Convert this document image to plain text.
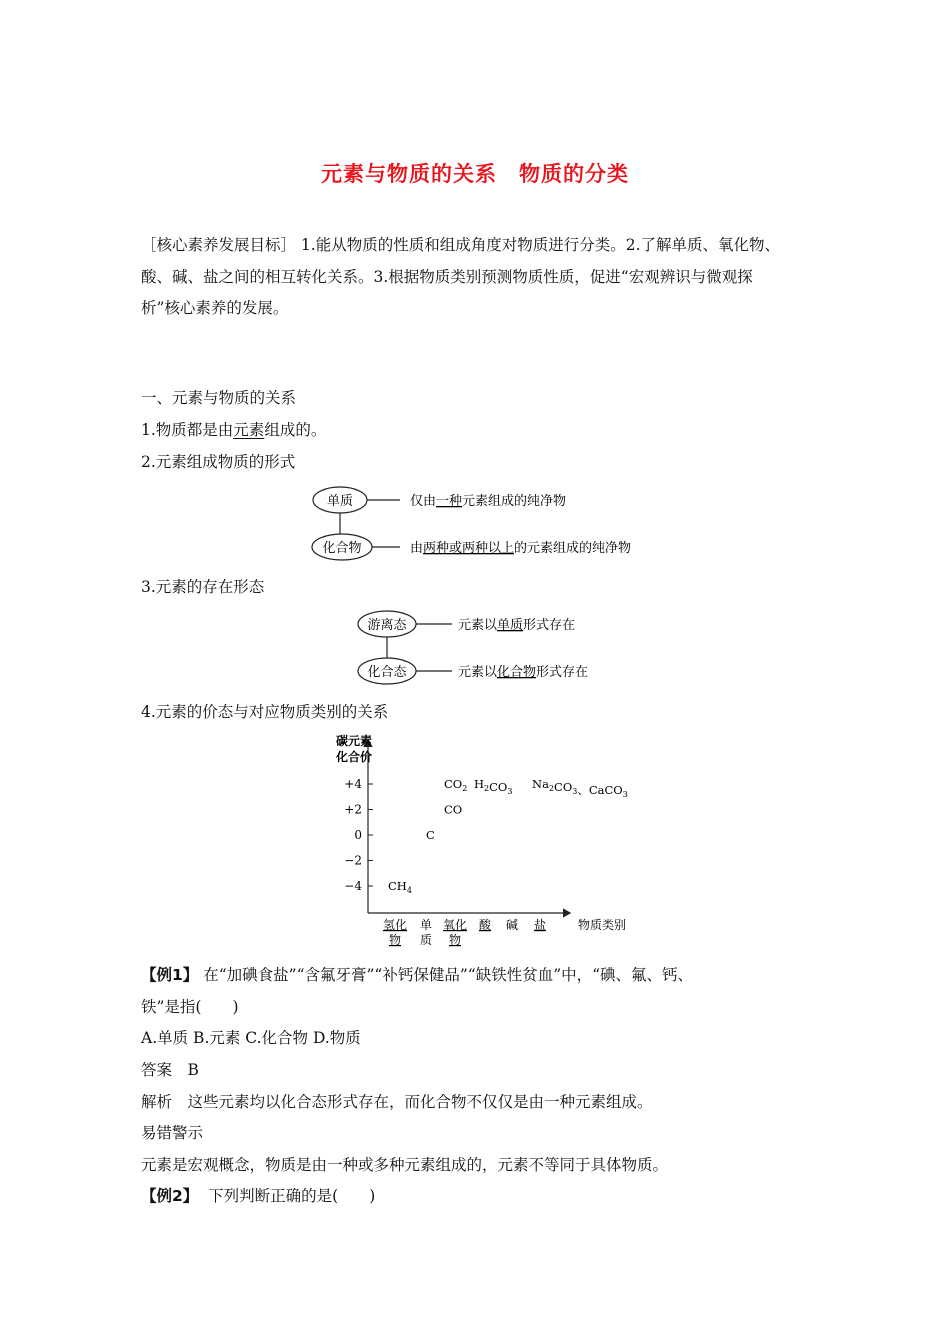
元素与物质的关系　物质的分类
［核心素养发展目标］ 1.能从物质的性质和组成角度对物质进行分类。2.了解单质、氧化物、
酸、碱、盐之间的相互转化关系。3.根据物质类别预测物质性质，促进“宏观辨识与微观探
析”核心素养的发展。
一、元素与物质的关系
1.物质都是由元素组成的。
2.元素组成物质的形式
单质
化合物
仅由一种元素组成的纯净物
由两种或两种以上的元素组成的纯净物
3.元素的存在形态
游离态
化合态
元素以单质形式存在
元素以化合物形式存在
4.元素的价态与对应物质类别的关系
碳元素
化合价
物质类别
+4
+2
0
−2
−4
氢化
物
单
质
氧化
物
酸 碱 盐
$CH_4$
C
CO
$CO_2$ $H_2CO_3$
$Na_2CO_3$、CaCO$_3$
【例1】 在“加碘食盐”“含氟牙膏”“补钙保健品”“缺铁性贫血”中，“碘、氟、钙、
铁”是指(　　)
A.单质 B.元素 C.化合物 D.物质
答案　B
解析　这些元素均以化合态形式存在，而化合物不仅仅是由一种元素组成。
易错警示
元素是宏观概念，物质是由一种或多种元素组成的，元素不等同于具体物质。
【例2】 下列判断正确的是(　　)
